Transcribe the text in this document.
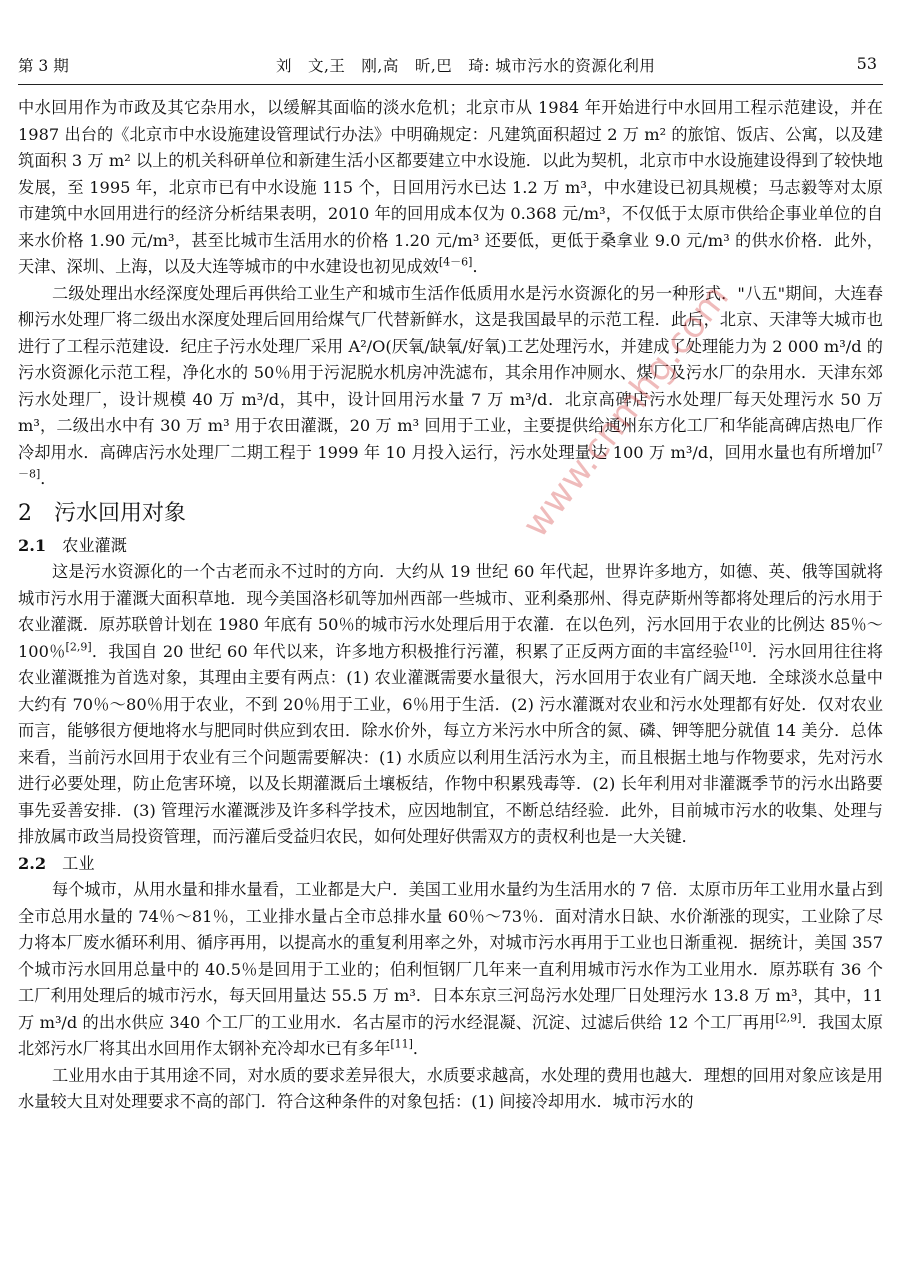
第 3 期	刘　文,王　刚,高　昕,巴　琦: 城市污水的资源化利用	53

中水回用作为市政及其它杂用水，以缓解其面临的淡水危机；北京市从 1984 年开始进行中水回用工程示范建设，并在 1987 出台的《北京市中水设施建设管理试行办法》中明确规定：凡建筑面积超过 2 万 m² 的旅馆、饭店、公寓，以及建筑面积 3 万 m² 以上的机关科研单位和新建生活小区都要建立中水设施．以此为契机，北京市中水设施建设得到了较快地发展，至 1995 年，北京市已有中水设施 115 个，日回用污水已达 1.2 万 m³，中水建设已初具规模；马志毅等对太原市建筑中水回用进行的经济分析结果表明，2010 年的回用成本仅为 0.368 元/m³，不仅低于太原市供给企事业单位的自来水价格 1.90 元/m³，甚至比城市生活用水的价格 1.20 元/m³ 还要低，更低于桑拿业 9.0 元/m³ 的供水价格．此外，天津、深圳、上海，以及大连等城市的中水建设也初见成效[4－6]．

二级处理出水经深度处理后再供给工业生产和城市生活作低质用水是污水资源化的另一种形式．"八五"期间，大连春柳污水处理厂将二级出水深度处理后回用给煤气厂代替新鲜水，这是我国最早的示范工程．此后，北京、天津等大城市也进行了工程示范建设．纪庄子污水处理厂采用 A²/O(厌氧/缺氧/好氧)工艺处理污水，并建成了处理能力为 2 000 m³/d 的污水资源化示范工程，净化水的 50％用于污泥脱水机房冲洗滤布，其余用作冲厕水、煤厂及污水厂的杂用水．天津东郊污水处理厂，设计规模 40 万 m³/d，其中，设计回用污水量 7 万 m³/d．北京高碑店污水处理厂每天处理污水 50 万 m³，二级出水中有 30 万 m³ 用于农田灌溉，20 万 m³ 回用于工业，主要提供给通州东方化工厂和华能高碑店热电厂作冷却用水．高碑店污水处理厂二期工程于 1999 年 10 月投入运行，污水处理量达 100 万 m³/d，回用水量也有所增加[7－8]．

2　 污水回用对象
2.1 农业灌溉

这是污水资源化的一个古老而永不过时的方向．大约从 19 世纪 60 年代起，世界许多地方，如德、英、俄等国就将城市污水用于灌溉大面积草地．现今美国洛杉矶等加州西部一些城市、亚利桑那州、得克萨斯州等都将处理后的污水用于农业灌溉．原苏联曾计划在 1980 年底有 50％的城市污水处理后用于农灌．在以色列，污水回用于农业的比例达 85％～100％[2,9]．我国自 20 世纪 60 年代以来，许多地方积极推行污灌，积累了正反两方面的丰富经验[10]．污水回用往往将农业灌溉推为首选对象，其理由主要有两点：(1) 农业灌溉需要水量很大，污水回用于农业有广阔天地．全球淡水总量中大约有 70％～80％用于农业，不到 20％用于工业，6％用于生活．(2) 污水灌溉对农业和污水处理都有好处．仅对农业而言，能够很方便地将水与肥同时供应到农田．除水价外，每立方米污水中所含的氮、磷、钾等肥分就值 14 美分．总体来看，当前污水回用于农业有三个问题需要解决：(1) 水质应以利用生活污水为主，而且根据土地与作物要求，先对污水进行必要处理，防止危害环境，以及长期灌溉后土壤板结，作物中积累残毒等．(2) 长年利用对非灌溉季节的污水出路要事先妥善安排．(3) 管理污水灌溉涉及许多科学技术，应因地制宜，不断总结经验．此外，目前城市污水的收集、处理与排放属市政当局投资管理，而污灌后受益归农民，如何处理好供需双方的责权利也是一大关键．

2.2 工业

每个城市，从用水量和排水量看，工业都是大户．美国工业用水量约为生活用水的 7 倍．太原市历年工业用水量占到全市总用水量的 74％～81％，工业排水量占全市总排水量 60％～73％．面对清水日缺、水价渐涨的现实，工业除了尽力将本厂废水循环利用、循序再用，以提高水的重复利用率之外，对城市污水再用于工业也日渐重视．据统计，美国 357 个城市污水回用总量中的 40.5％是回用于工业的；伯利恒钢厂几年来一直利用城市污水作为工业用水．原苏联有 36 个工厂利用处理后的城市污水，每天回用量达 55.5 万 m³．日本东京三河岛污水处理厂日处理污水 13.8 万 m³，其中，11 万 m³/d 的出水供应 340 个工厂的工业用水．名古屋市的污水经混凝、沉淀、过滤后供给 12 个工厂再用[2,9]．我国太原北郊污水厂将其出水回用作太钢补充冷却水已有多年[11]．

工业用水由于其用途不同，对水质的要求差异很大，水质要求越高，水处理的费用也越大．理想的回用对象应该是用水量较大且对处理要求不高的部门．符合这种条件的对象包括：(1) 间接冷却用水．城市污水的

www.cnmhg.com
